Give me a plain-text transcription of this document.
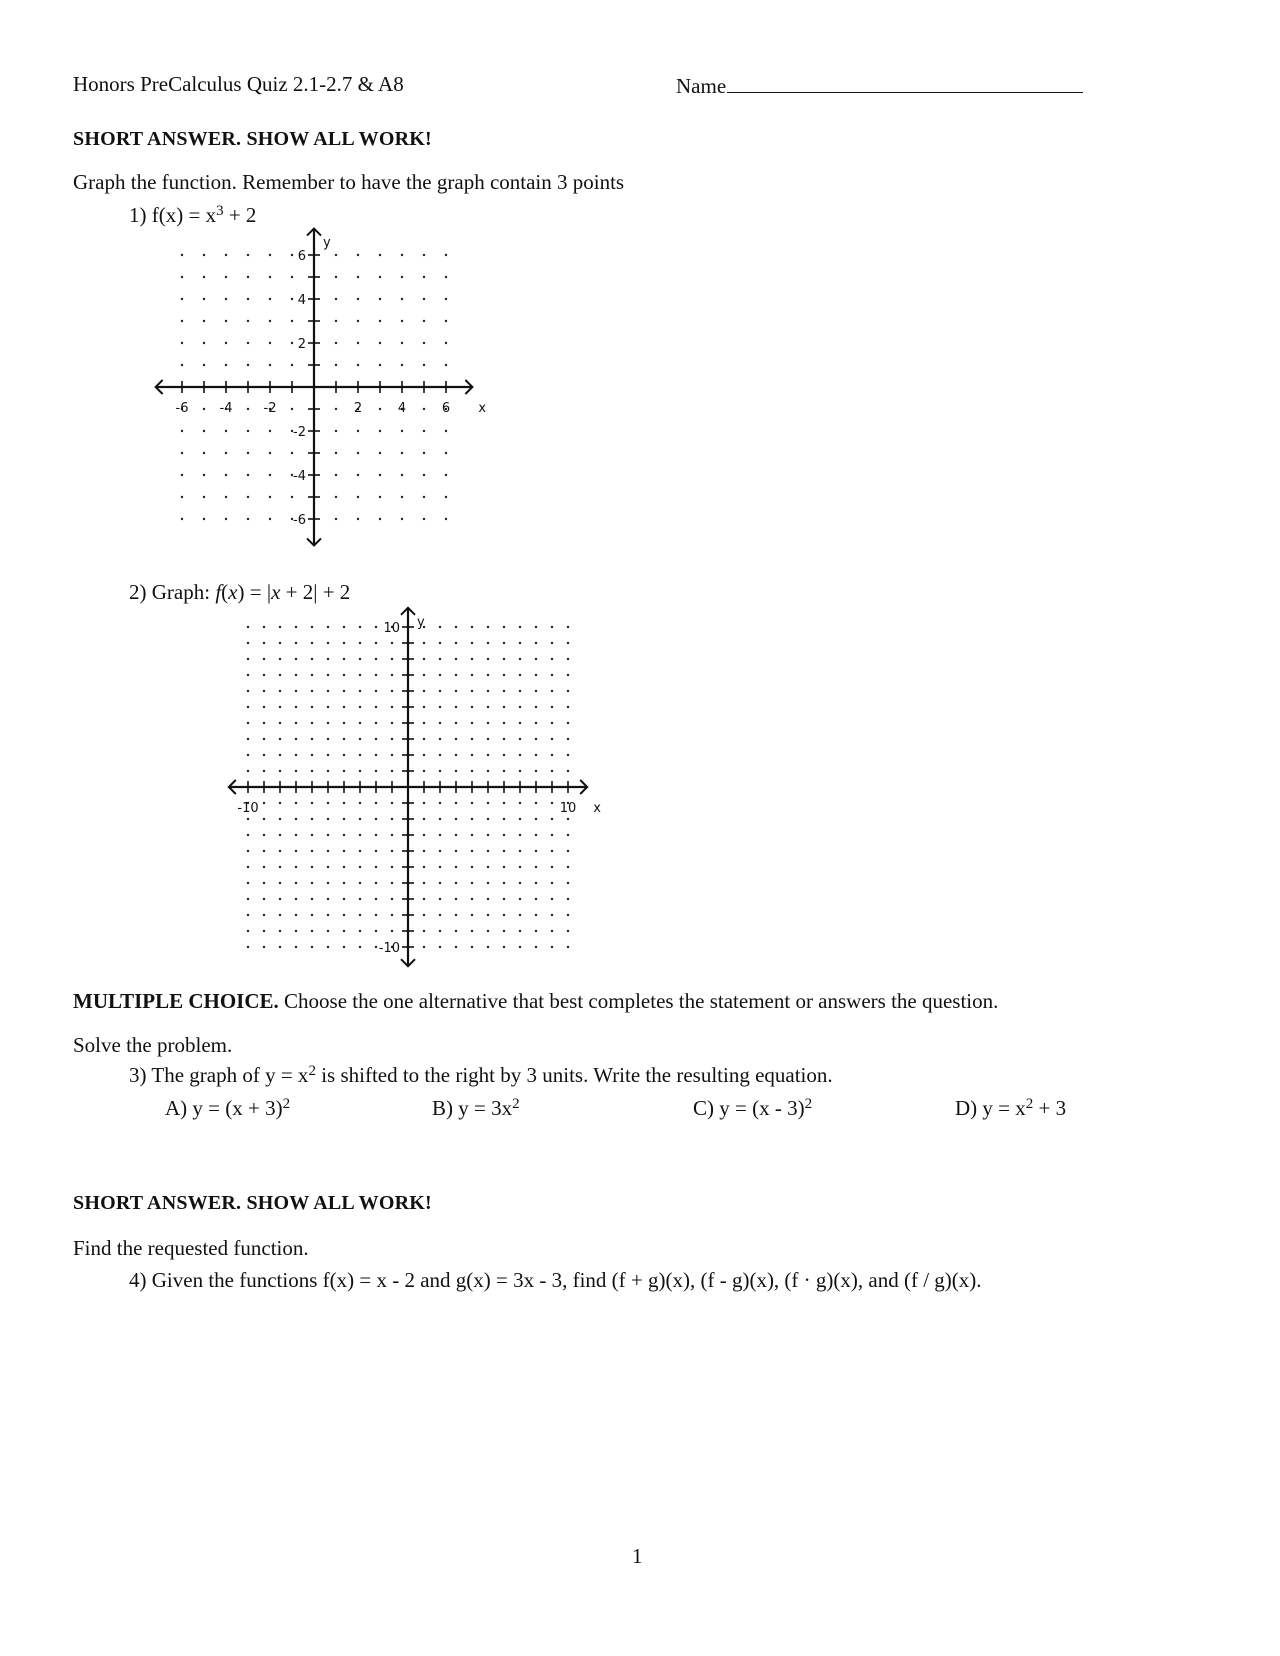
Honors PreCalculus Quiz 2.1-2.7 & A8	Name
SHORT ANSWER. SHOW ALL WORK!
Graph the function. Remember to have the graph contain 3 points
1) $f(x) = x^3 + 2$
-6 -4 -2	2	4	6
6
4
2
-2
-4
-6
x
y
2) Graph: f(x) = |x + 2| + 2
-10	10
10
-10
x
y
MULTIPLE CHOICE. Choose the one alternative that best completes the statement or answers the question.
Solve the problem.
3) The graph of $y = x^2$ is shifted to the right by 3 units. Write the resulting equation.
A) $y = (x + 3)^2$	B) $y = 3x^2$	C) y = (x - 3)$^2$	D) $y = x^2 + 3$
SHORT ANSWER. SHOW ALL WORK!
Find the requested function.
4) Given the functions f(x) = x - 2 and g(x) = 3x - 3, find (f + g)(x), (f - g)(x), (f · g)(x), and (f / g)(x).
1
